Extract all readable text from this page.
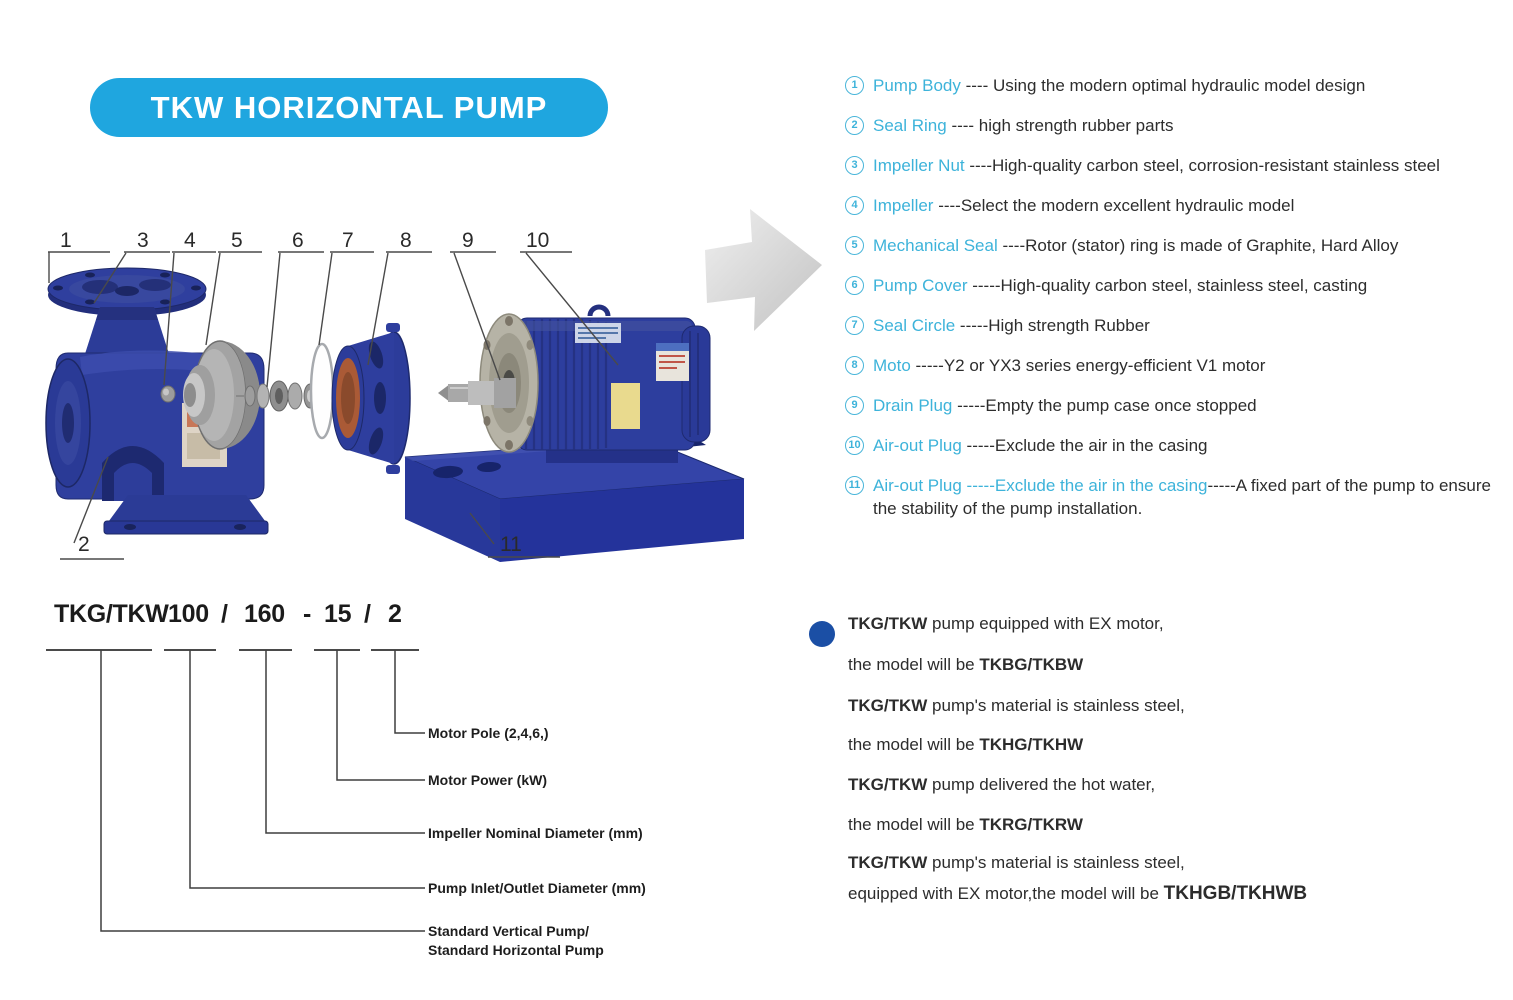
TKW HORIZONTAL PUMP
1	3 4 5 6 7 8 9 10
2	11
1 Pump Body ---- Using the modern optimal hydraulic model design
2 Seal Ring ---- high strength rubber parts
3 Impeller Nut ----High-quality carbon steel, corrosion-resistant stainless steel
4 Impeller ----Select the modern excellent hydraulic model
5 Mechanical Seal ----Rotor (stator) ring is made of Graphite, Hard Alloy
6 Pump Cover -----High-quality carbon steel, stainless steel, casting
7 Seal Circle -----High strength Rubber
8 Moto -----Y2 or YX3 series energy-efficient V1 motor
9 Drain Plug -----Empty the pump case once stopped
10 Air-out Plug -----Exclude the air in the casing
11 Air-out Plug -----Exclude the air in the casing-----A fixed part of the pump to ensure the stability of the pump installation.
TKG/TKW 100 / 160 - 15 / 2
Motor Pole (2,4,6,)
Motor Power (kW)
Impeller Nominal Diameter (mm)
Pump Inlet/Outlet Diameter (mm)
Standard Vertical Pump/
Standard Horizontal Pump
TKG/TKW pump equipped with EX motor,
the model will be TKBG/TKBW
TKG/TKW pump's material is stainless steel,
the model will be TKHG/TKHW
TKG/TKW pump delivered the hot water,
the model will be TKRG/TKRW
TKG/TKW pump's material is stainless steel,
equipped with EX motor,the model will be TKHGB/TKHWB
